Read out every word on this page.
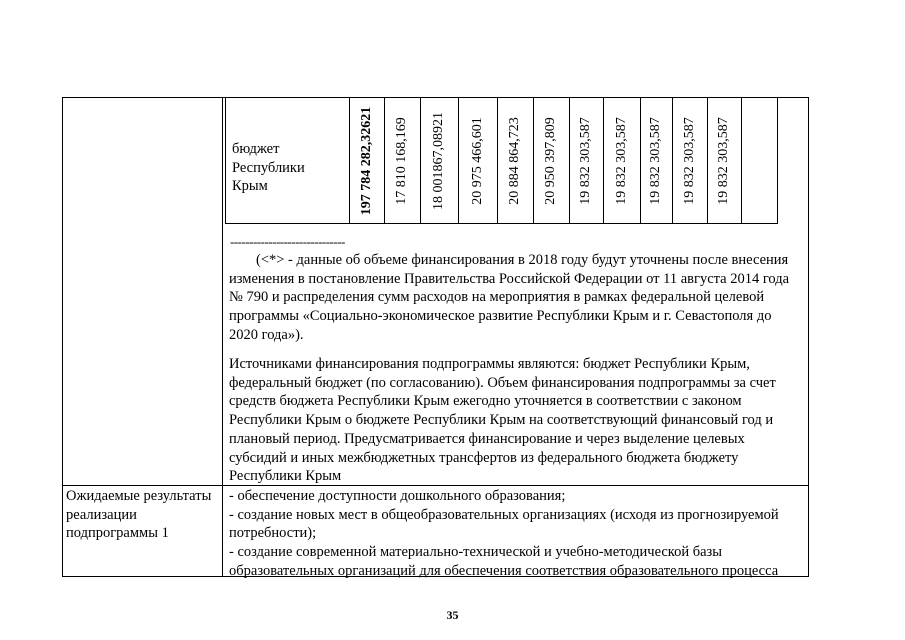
бюджет
Республики
Крым	197 784 282,32621 17 810 168,169 18 001867,08921 20 975 466,601 20 884 864,723 20 950 397,809 19 832 303,587 19 832 303,587 19 832 303,587 19 832 303,587 19 832 303,587
------------------------------
(<*> - данные об объеме финансирования в 2018 году будут уточнены после внесения
изменения в постановление Правительства Российской Федерации от 11 августа 2014 года
№ 790 и распределения сумм расходов на мероприятия в рамках федеральной целевой
программы «Социально-экономическое развитие Республики Крым и г. Севастополя до
2020 года»).
Источниками финансирования подпрограммы являются: бюджет Республики Крым,
федеральный бюджет (по согласованию). Объем финансирования подпрограммы за счет
средств бюджета Республики Крым ежегодно уточняется в соответствии с законом
Республики Крым о бюджете Республики Крым на соответствующий финансовый год и
плановый период. Предусматривается финансирование и через выделение целевых
субсидий и иных межбюджетных трансфертов из федерального бюджета бюджету
Республики Крым
Ожидаемые результаты
реализации
подпрограммы 1
- обеспечение доступности дошкольного образования;
- создание новых мест в общеобразовательных организациях (исходя из прогнозируемой
потребности);
- создание современной материально-технической и учебно-методической базы
образовательных организаций для обеспечения соответствия образовательного процесса
35
